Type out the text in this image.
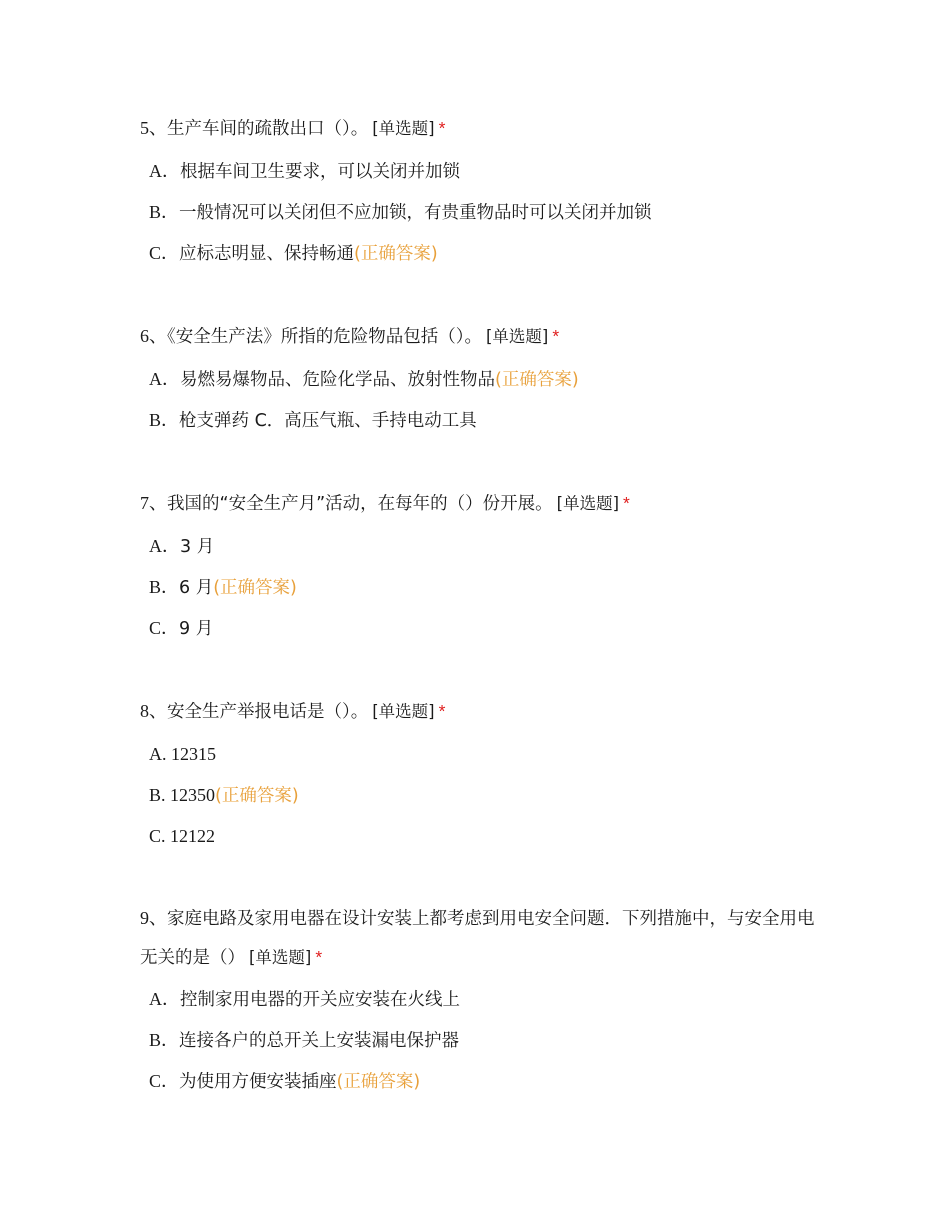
5、生产车间的疏散出口（）。 [单选题] *
A．根据车间卫生要求，可以关闭并加锁
B．一般情况可以关闭但不应加锁，有贵重物品时可以关闭并加锁
C．应标志明显、保持畅通(正确答案)
6、《安全生产法》所指的危险物品包括（）。 [单选题] *
A．易燃易爆物品、危险化学品、放射性物品(正确答案)
B．枪支弹药 C．高压气瓶、手持电动工具
7、我国的“安全生产月”活动，在每年的（）份开展。 [单选题] *
A．3 月
B．6 月(正确答案)
C．9 月
8、安全生产举报电话是（）。 [单选题] *
A. 12315
B. 12350(正确答案)
C. 12122
9、家庭电路及家用电器在设计安装上都考虑到用电安全问题．下列措施中，与安全用电无关的是（） [单选题] *
A．控制家用电器的开关应安装在火线上
B．连接各户的总开关上安装漏电保护器
C．为使用方便安装插座(正确答案)
